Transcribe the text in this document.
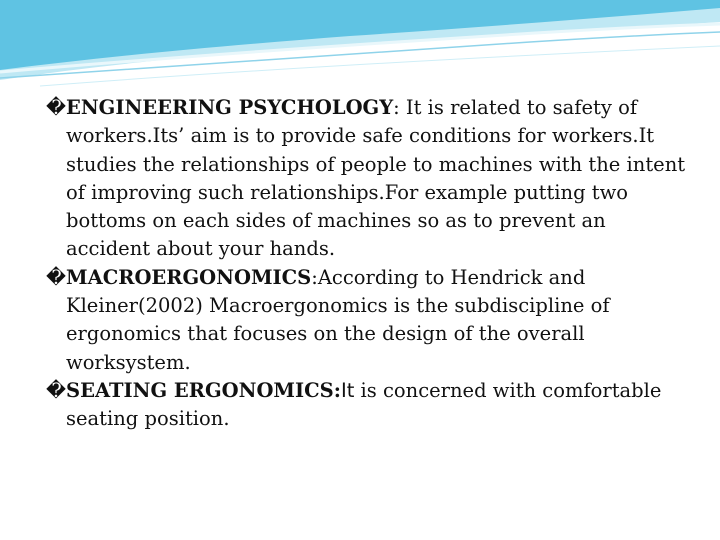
� ENGINEERING PSYCHOLOGY: It is related to safety of workers.Its’ aim is to provide safe conditions for workers.It studies the relationships of people to machines with the intent of improving such relationships.For example putting two bottoms on each sides of machines so as to prevent an accident about your hands.

� MACROERGONOMICS:According to Hendrick and Kleiner(2002) Macroergonomics is the subdiscipline of ergonomics that focuses on the design of the overall worksystem.

� SEATING ERGONOMICS:It is concerned with comfortable seating position.
